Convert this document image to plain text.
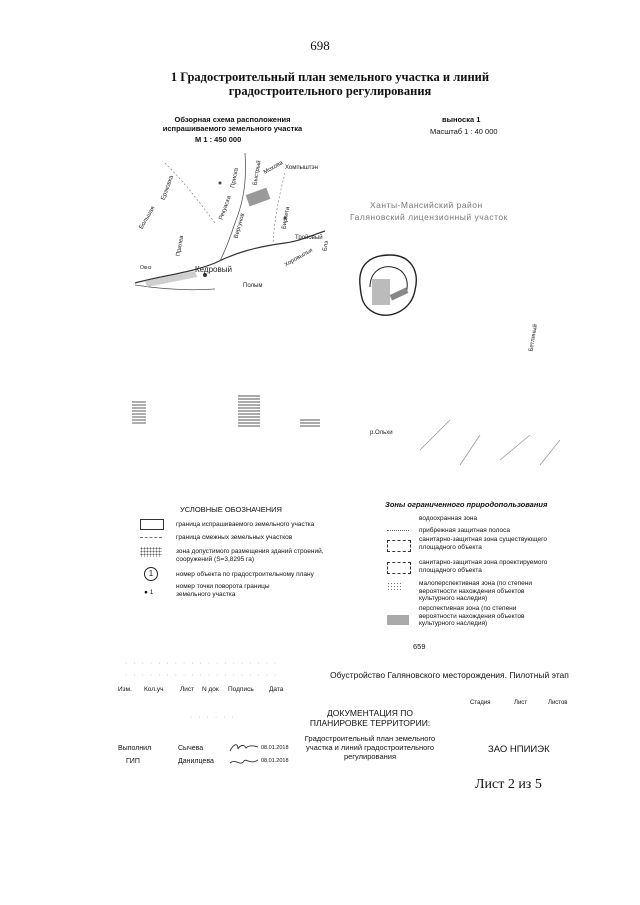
698
1 Градостроительный план земельного участка и линий градостроительного регулирования
Обзорная схема расположения испрашиваемого земельного участка
М 1 : 450 000
Кедровый
Ерэковка
Быстрый Мохова Хомпыштэн
Приска
Рекуаска
Вергунов
Большая	Бирхета
Хоровыльи
Прилев	Тройовый
Полым
Окнэ
Блэ
выноска 1
Масштаб 1 : 40 000
Ханты-Мансийский район
Галяновский лицензионный участок
Бетлиный
р.Ольхи
УСЛОВНЫЕ ОБОЗНАЧЕНИЯ
граница испрашиваемого земельного участка
граница смежных земельных участков
зона допустимого размещения зданий строений, сооружений (S=3,8295 га)
1	номер объекта по градостроительному плану
● 1
номер точки поворота границы земельного участка
Зоны ограниченного природопользования
водоохранная зона
прибрежная защитная полоса
санитарно-защитная зона существующего площадного объекта
санитарно-защитная зона проектируемого площадного объекта
малоперспективная зона (по степени вероятности нахождения объектов культурного наследия)
перспективная зона (по степени вероятности нахождения объектов культурного наследия)
659
· · · · · · · · · · · · · · · · · · ·
· · · · · · · · · · · · · · · · · · ·	Обустройство Галяновского месторождения. Пилотный этап
Изм. Кол.уч	Лист N док Подпись Дата
Стадия	Лист	Листов
ДОКУМЕНТАЦИЯ ПО ПЛАНИРОВКЕ ТЕРРИТОРИИ:
· · · · · ·
Градостроительный план земельного участка и линий градостроительного регулирования
ЗАО НПИИЭК
Выполнил	Сычева	08.01.2018
ГИП	Данилцева	08.01.2018
Лист 2 из 5
